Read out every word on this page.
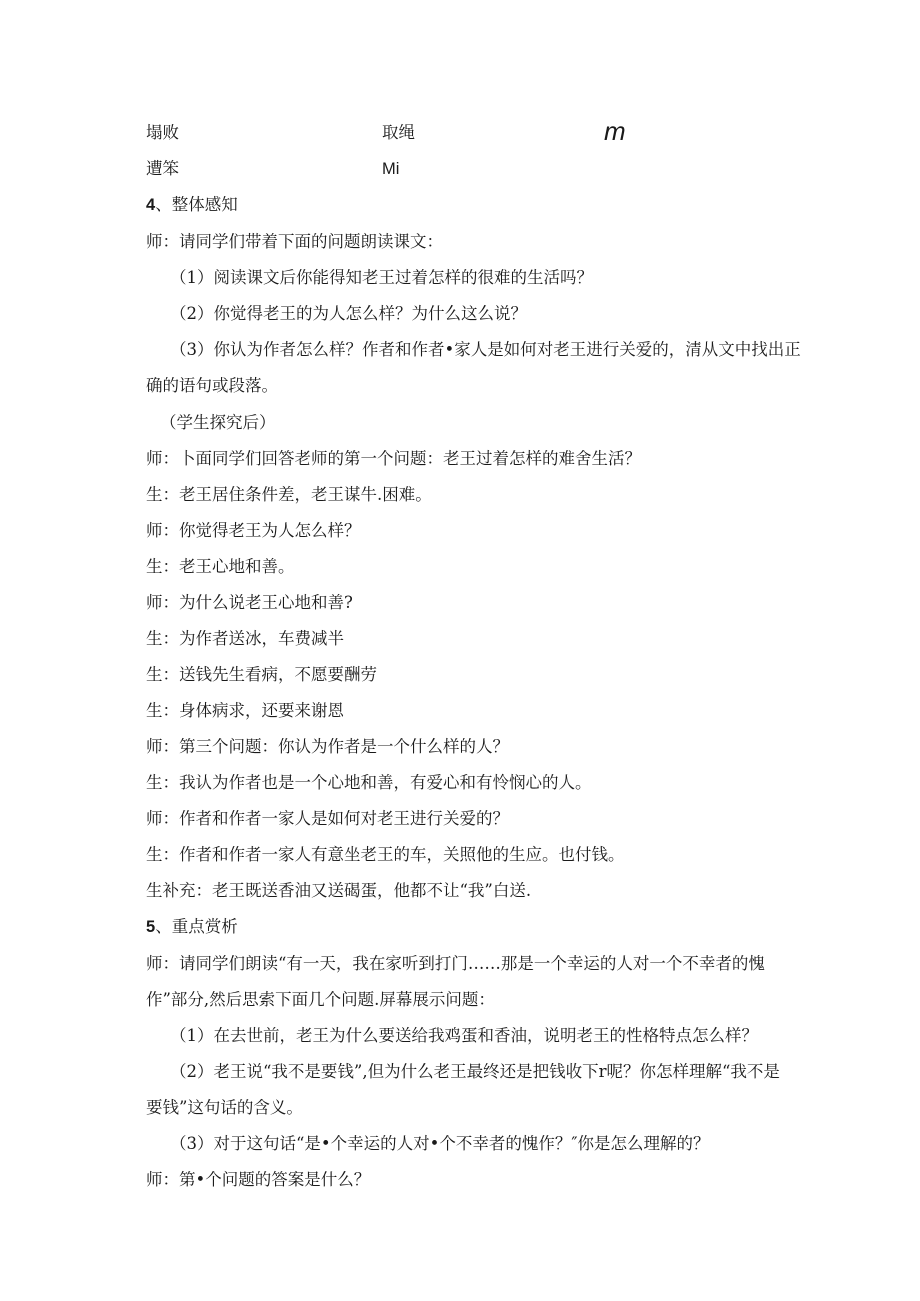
塌败	取绳	m
遭笨	Mi
4、整体感知
师：请同学们带着下面的问题朗读课文：
（1）阅读课文后你能得知老王过着怎样的很难的生活吗？
（2）你觉得老王的为人怎么样？为什么这么说？
（3）你认为作者怎么样？作者和作者•家人是如何对老王进行关爱的，清从文中找出正
确的语句或段落。
（学生探究后）
师：卜面同学们回答老师的第一个问题：老王过着怎样的难舍生活？
生：老王居住条件差，老王谋牛.困难。
师：你觉得老王为人怎么样？
生：老王心地和善。
师：为什么说老王心地和善?
生：为作者送冰，车费减半
生：送钱先生看病，不愿要酬劳
生：身体病求，还要来谢恩
师：第三个问题：你认为作者是一个什么样的人？
生：我认为作者也是一个心地和善，有爱心和有怜悯心的人。
师：作者和作者一家人是如何对老王进行关爱的？
生：作者和作者一家人有意坐老王的车，关照他的生应。也付钱。
生补充：老王既送香油又送碣蛋，他都不让“我”白送.
5、重点赏析
师：请同学们朗读“有一天，我在家听到打门……那是一个幸运的人对一个不幸者的愧
作”部分,然后思索下面几个问题.屏幕展示问题：
（1）在去世前，老王为什么要送给我鸡蛋和香油，说明老王的性格特点怎么样？
（2）老王说“我不是要钱”,但为什么老王最终还是把钱收下r呢？你怎样理解“我不是
要钱”这句话的含义。
（3）对于这句话“是•个幸运的人对•个不幸者的愧作？″你是怎么理解的？
师：第•个问题的答案是什么？
